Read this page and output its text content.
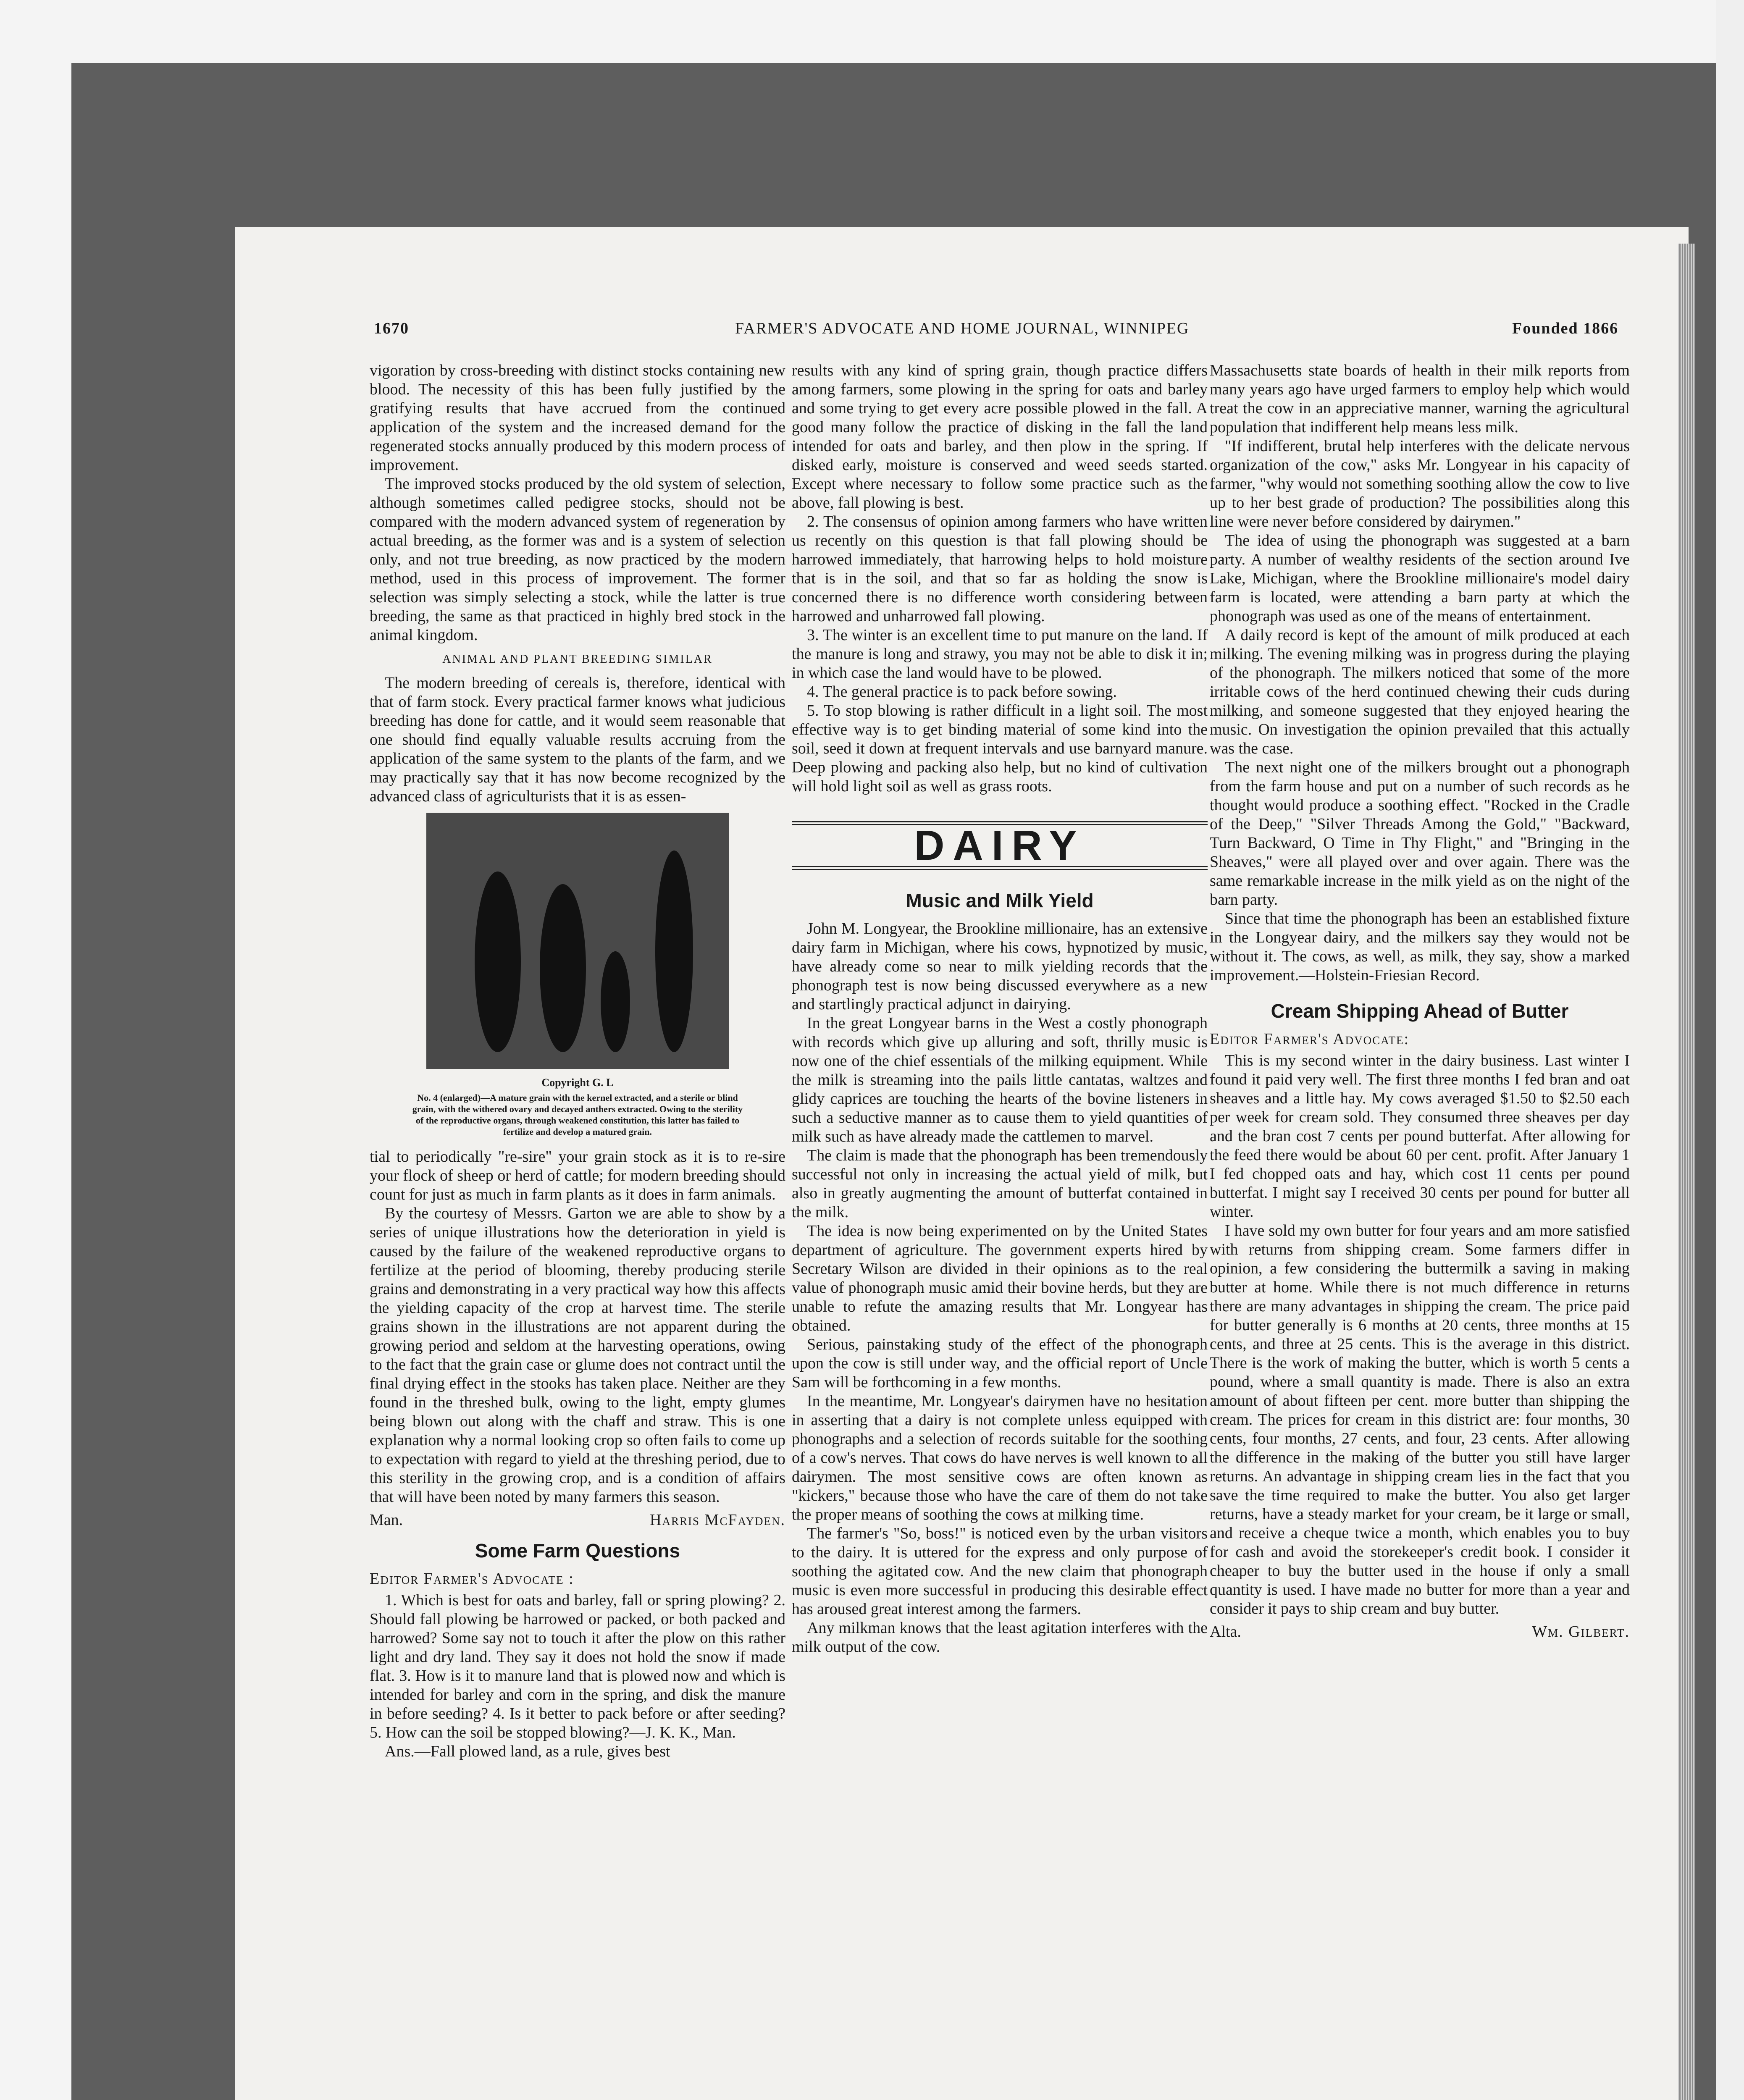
1670	FARMER'S ADVOCATE AND HOME JOURNAL, WINNIPEG	Founded 1866

vigoration by cross-breeding with distinct stocks containing new blood. The necessity of this has been fully justified by the gratifying results that have accrued from the continued application of the system and the increased demand for the regenerated stocks annually produced by this modern process of improvement.

The improved stocks produced by the old system of selection, although sometimes called pedigree stocks, should not be compared with the modern advanced system of regeneration by actual breeding, as the former was and is a system of selection only, and not true breeding, as now practiced by the modern method, used in this process of improvement. The former selection was simply selecting a stock, while the latter is true breeding, the same as that practiced in highly bred stock in the animal kingdom.

ANIMAL AND PLANT BREEDING SIMILAR

The modern breeding of cereals is, therefore, identical with that of farm stock. Every practical farmer knows what judicious breeding has done for cattle, and it would seem reasonable that one should find equally valuable results accruing from the application of the same system to the plants of the farm, and we may practically say that it has now become recognized by the advanced class of agriculturists that it is as essen-

Copyright G. L
No. 4 (enlarged)—A mature grain with the kernel extracted, and a sterile or blind grain, with the withered ovary and decayed anthers extracted. Owing to the sterility of the reproductive organs, through weakened constitution, this latter has failed to fertilize and develop a matured grain.

tial to periodically "re-sire" your grain stock as it is to re-sire your flock of sheep or herd of cattle; for modern breeding should count for just as much in farm plants as it does in farm animals.

By the courtesy of Messrs. Garton we are able to show by a series of unique illustrations how the deterioration in yield is caused by the failure of the weakened reproductive organs to fertilize at the period of blooming, thereby producing sterile grains and demonstrating in a very practical way how this affects the yielding capacity of the crop at harvest time. The sterile grains shown in the illustrations are not apparent during the growing period and seldom at the harvesting operations, owing to the fact that the grain case or glume does not contract until the final drying effect in the stooks has taken place. Neither are they found in the threshed bulk, owing to the light, empty glumes being blown out along with the chaff and straw. This is one explanation why a normal looking crop so often fails to come up to expectation with regard to yield at the threshing period, due to this sterility in the growing crop, and is a condition of affairs that will have been noted by many farmers this season.

Man.	Harris McFayden.
Some Farm Questions
Editor Farmer's Advocate :

1. Which is best for oats and barley, fall or spring plowing? 2. Should fall plowing be harrowed or packed, or both packed and harrowed? Some say not to touch it after the plow on this rather light and dry land. They say it does not hold the snow if made flat. 3. How is it to manure land that is plowed now and which is intended for barley and corn in the spring, and disk the manure in before seeding? 4. Is it better to pack before or after seeding? 5. How can the soil be stopped blowing?—J. K. K., Man.

Ans.—Fall plowed land, as a rule, gives best

results with any kind of spring grain, though practice differs among farmers, some plowing in the spring for oats and barley and some trying to get every acre possible plowed in the fall. A good many follow the practice of disking in the fall the land intended for oats and barley, and then plow in the spring. If disked early, moisture is conserved and weed seeds started. Except where necessary to follow some practice such as the above, fall plowing is best.

2. The consensus of opinion among farmers who have written us recently on this question is that fall plowing should be harrowed immediately, that harrowing helps to hold moisture that is in the soil, and that so far as holding the snow is concerned there is no difference worth considering between harrowed and unharrowed fall plowing.

3. The winter is an excellent time to put manure on the land. If the manure is long and strawy, you may not be able to disk it in; in which case the land would have to be plowed.

4. The general practice is to pack before sowing.

5. To stop blowing is rather difficult in a light soil. The most effective way is to get binding material of some kind into the soil, seed it down at frequent intervals and use barnyard manure. Deep plowing and packing also help, but no kind of cultivation will hold light soil as well as grass roots.

DAIRY
Music and Milk Yield

John M. Longyear, the Brookline millionaire, has an extensive dairy farm in Michigan, where his cows, hypnotized by music, have already come so near to milk yielding records that the phonograph test is now being discussed everywhere as a new and startlingly practical adjunct in dairying.

In the great Longyear barns in the West a costly phonograph with records which give up alluring and soft, thrilly music is now one of the chief essentials of the milking equipment. While the milk is streaming into the pails little cantatas, waltzes and glidy caprices are touching the hearts of the bovine listeners in such a seductive manner as to cause them to yield quantities of milk such as have already made the cattlemen to marvel.

The claim is made that the phonograph has been tremendously successful not only in increasing the actual yield of milk, but also in greatly augmenting the amount of butterfat contained in the milk.

The idea is now being experimented on by the United States department of agriculture. The government experts hired by Secretary Wilson are divided in their opinions as to the real value of phonograph music amid their bovine herds, but they are unable to refute the amazing results that Mr. Longyear has obtained.

Serious, painstaking study of the effect of the phonograph upon the cow is still under way, and the official report of Uncle Sam will be forthcoming in a few months.

In the meantime, Mr. Longyear's dairymen have no hesitation in asserting that a dairy is not complete unless equipped with phonographs and a selection of records suitable for the soothing of a cow's nerves. That cows do have nerves is well known to all dairymen. The most sensitive cows are often known as "kickers," because those who have the care of them do not take the proper means of soothing the cows at milking time.

The farmer's "So, boss!" is noticed even by the urban visitors to the dairy. It is uttered for the express and only purpose of soothing the agitated cow. And the new claim that phonograph music is even more successful in producing this desirable effect has aroused great interest among the farmers.

Any milkman knows that the least agitation interferes with the milk output of the cow.

Massachusetts state boards of health in their milk reports from many years ago have urged farmers to employ help which would treat the cow in an appreciative manner, warning the agricultural population that indifferent help means less milk.

"If indifferent, brutal help interferes with the delicate nervous organization of the cow," asks Mr. Longyear in his capacity of farmer, "why would not something soothing allow the cow to live up to her best grade of production? The possibilities along this line were never before considered by dairymen."

The idea of using the phonograph was suggested at a barn party. A number of wealthy residents of the section around Ive Lake, Michigan, where the Brookline millionaire's model dairy farm is located, were attending a barn party at which the phonograph was used as one of the means of entertainment.

A daily record is kept of the amount of milk produced at each milking. The evening milking was in progress during the playing of the phonograph. The milkers noticed that some of the more irritable cows of the herd continued chewing their cuds during milking, and someone suggested that they enjoyed hearing the music. On investigation the opinion prevailed that this actually was the case.

The next night one of the milkers brought out a phonograph from the farm house and put on a number of such records as he thought would produce a soothing effect. "Rocked in the Cradle of the Deep," "Silver Threads Among the Gold," "Backward, Turn Backward, O Time in Thy Flight," and "Bringing in the Sheaves," were all played over and over again. There was the same remarkable increase in the milk yield as on the night of the barn party.

Since that time the phonograph has been an established fixture in the Longyear dairy, and the milkers say they would not be without it. The cows, as well, as milk, they say, show a marked improvement.—Holstein-Friesian Record.

Cream Shipping Ahead of Butter
Editor Farmer's Advocate:

This is my second winter in the dairy business. Last winter I found it paid very well. The first three months I fed bran and oat sheaves and a little hay. My cows averaged $1.50 to $2.50 each per week for cream sold. They consumed three sheaves per day and the bran cost 7 cents per pound butterfat. After allowing for the feed there would be about 60 per cent. profit. After January 1 I fed chopped oats and hay, which cost 11 cents per pound butterfat. I might say I received 30 cents per pound for butter all winter.

I have sold my own butter for four years and am more satisfied with returns from shipping cream. Some farmers differ in opinion, a few considering the buttermilk a saving in making butter at home. While there is not much difference in returns there are many advantages in shipping the cream. The price paid for butter generally is 6 months at 20 cents, three months at 15 cents, and three at 25 cents. This is the average in this district. There is the work of making the butter, which is worth 5 cents a pound, where a small quantity is made. There is also an extra amount of about fifteen per cent. more butter than shipping the cream. The prices for cream in this district are: four months, 30 cents, four months, 27 cents, and four, 23 cents. After allowing the difference in the making of the butter you still have larger returns. An advantage in shipping cream lies in the fact that you save the time required to make the butter. You also get larger returns, have a steady market for your cream, be it large or small, and receive a cheque twice a month, which enables you to buy for cash and avoid the storekeeper's credit book. I consider it cheaper to buy the butter used in the house if only a small quantity is used. I have made no butter for more than a year and consider it pays to ship cream and buy butter.

Alta.	Wm. Gilbert.
